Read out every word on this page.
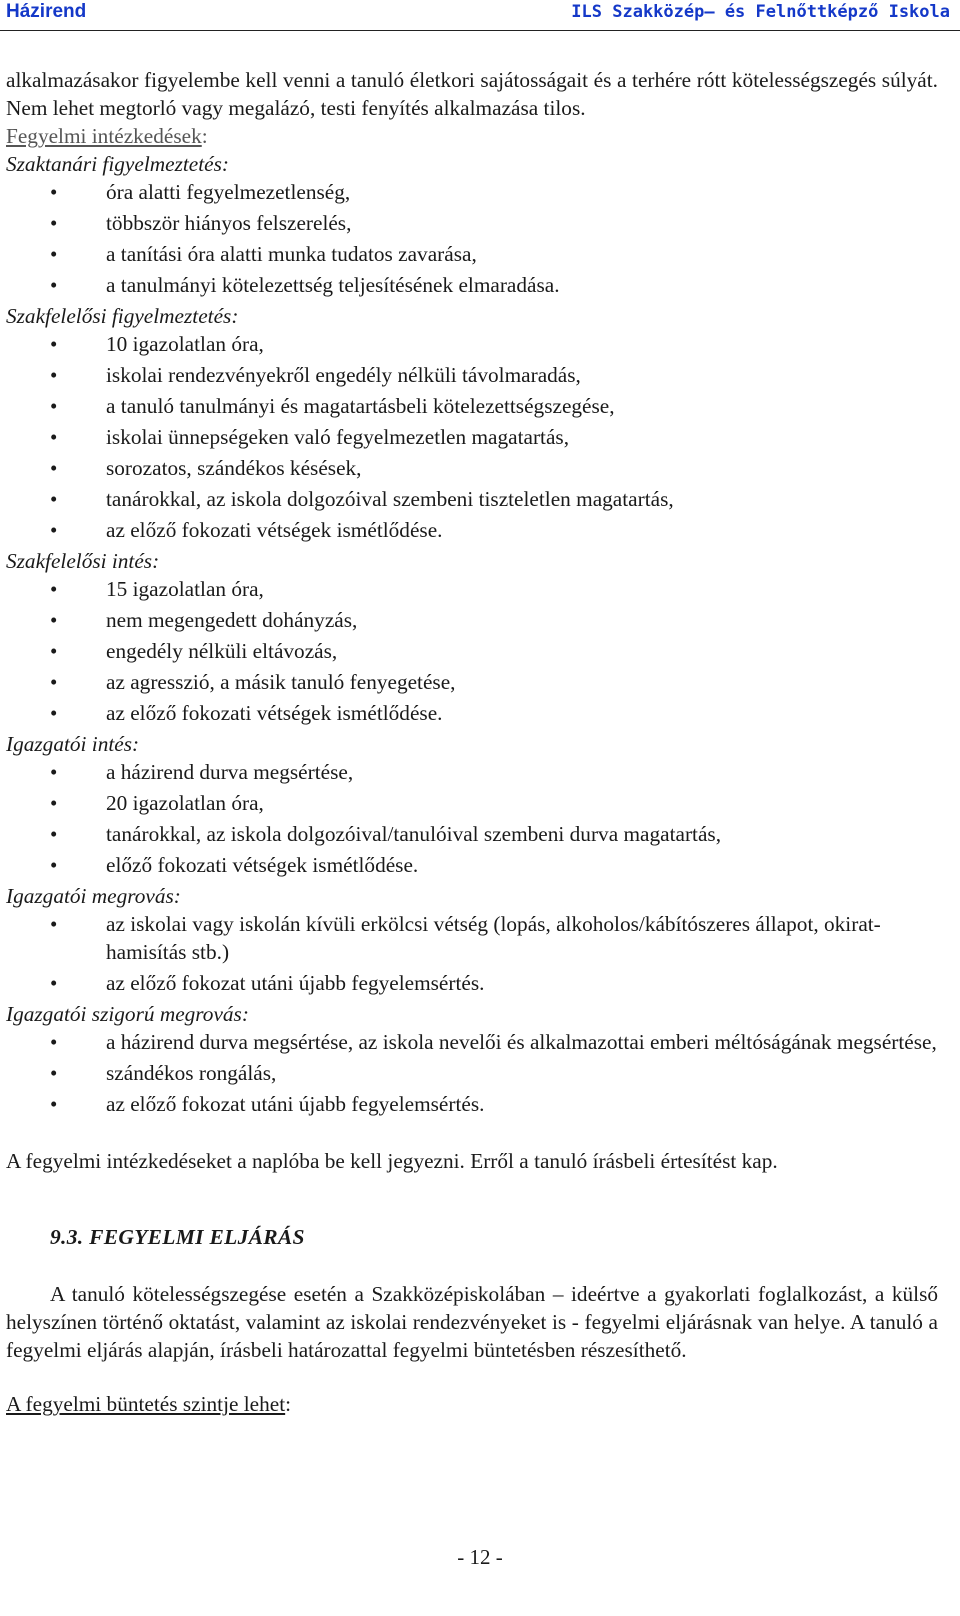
Házirend	ILS Szakközép– és Felnőttképző Iskola

alkalmazásakor figyelembe kell venni a tanuló életkori sajátosságait és a terhére rótt kötelességszegés súlyát. Nem lehet megtorló vagy megalázó, testi fenyítés alkalmazása tilos.

Fegyelmi intézkedések:

Szaktanári figyelmeztetés:

• óra alatti fegyelmezetlenség,
• többször hiányos felszerelés,
• a tanítási óra alatti munka tudatos zavarása,
• a tanulmányi kötelezettség teljesítésének elmaradása.

Szakfelelősi figyelmeztetés:

• 10 igazolatlan óra,
• iskolai rendezvényekről engedély nélküli távolmaradás,
• a tanuló tanulmányi és magatartásbeli kötelezettségszegése,
• iskolai ünnepségeken való fegyelmezetlen magatartás,
• sorozatos, szándékos késések,
• tanárokkal, az iskola dolgozóival szembeni tiszteletlen magatartás,
• az előző fokozati vétségek ismétlődése.

Szakfelelősi intés:

• 15 igazolatlan óra,
• nem megengedett dohányzás,
• engedély nélküli eltávozás,
• az agresszió, a másik tanuló fenyegetése,
• az előző fokozati vétségek ismétlődése.

Igazgatói intés:

• a házirend durva megsértése,
• 20 igazolatlan óra,
• tanárokkal, az iskola dolgozóival/tanulóival szembeni durva magatartás,
• előző fokozati vétségek ismétlődése.

Igazgatói megrovás:

• az iskolai vagy iskolán kívüli erkölcsi vétség (lopás, alkoholos/kábítószeres állapot, okirat-hamisítás stb.)
• az előző fokozat utáni újabb fegyelemsértés.

Igazgatói szigorú megrovás:

• a házirend durva megsértése, az iskola nevelői és alkalmazottai emberi méltóságának megsértése,
• szándékos rongálás,
• az előző fokozat utáni újabb fegyelemsértés.

A fegyelmi intézkedéseket a naplóba be kell jegyezni. Erről a tanuló írásbeli értesítést kap.

9.3. FEGYELMI ELJÁRÁS

A tanuló kötelességszegése esetén a Szakközépiskolában – ideértve a gyakorlati foglalkozást, a külső helyszínen történő oktatást, valamint az iskolai rendezvényeket is - fegyelmi eljárásnak van helye. A tanuló a fegyelmi eljárás alapján, írásbeli határozattal fegyelmi büntetésben részesíthető.

A fegyelmi büntetés szintje lehet:

- 12 -
